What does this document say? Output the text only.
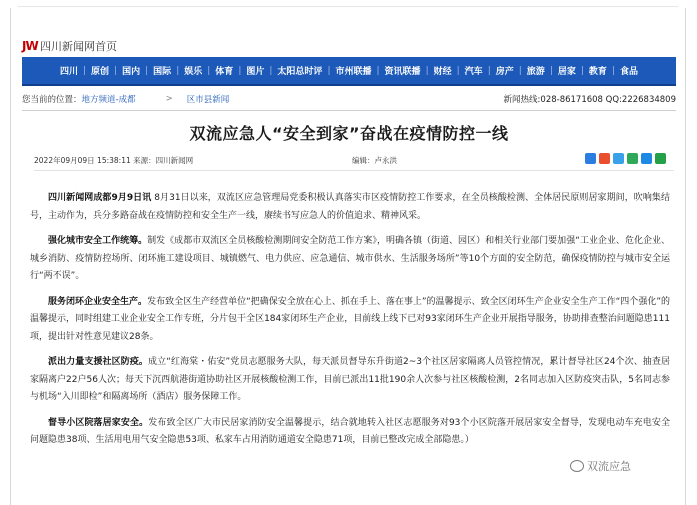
JW 四川新闻网首页
四川 | 原创 | 国内 | 国际 | 娱乐 | 体育 | 图片 | 太阳总时评 | 市州联播 | 资讯联播 | 财经 | 汽车 | 房产 | 旅游 | 居家 | 教育 | 食品
您当前的位置： 地方频道-成都	> 区市县新闻	新闻热线:028-86171608 QQ:2226834809
双流应急人“安全到家”奋战在疫情防控一线
2022年09月09日 15:38:11 来源：四川新闻网	编辑：卢永洪

四川新闻网成都9月9日讯 8月31日以来，双流区应急管理局党委积极认真落实市区疫情防控工作要求，在全员核酸检测、全体居民原则居家期间，吹响集结号，主动作为，兵分多路奋战在疫情防控和安全生产一线，赓续书写应急人的价值追求、精神风采。

强化城市安全工作统筹。制发《成都市双流区全员核酸检测期间安全防范工作方案》，明确各镇（街道、园区）和相关行业部门要加强“工业企业、危化企业、城乡消防、疫情防控场所、闭环施工建设项目、城镇燃气、电力供应、应急通信、城市供水、生活服务场所”等10个方面的安全防范，确保疫情防控与城市安全运行“两不误”。

服务闭环企业安全生产。发布致全区生产经营单位“把确保安全放在心上、抓在手上、落在事上”的温馨提示、致全区闭环生产企业安全生产工作“四个强化”的温馨提示，同时组建工业企业安全工作专班，分片包干全区184家闭环生产企业，目前线上线下已对93家闭环生产企业开展指导服务，协助排查整治问题隐患111项，提出针对性意见建议28条。

派出力量支援社区防疫。成立“红海棠・佑安”党员志愿服务大队，每天派员督导东升街道2~3个社区居家隔离人员管控情况，累计督导社区24个次、抽查居家隔离户22户56人次；每天下沉西航港街道协助社区开展核酸检测工作，目前已派出11批190余人次参与社区核酸检测，2名同志加入区防疫突击队，5名同志参与机场“入川即检”和隔离场所（酒店）服务保障工作。

督导小区院落居家安全。发布致全区广大市民居家消防安全温馨提示，结合就地转入社区志愿服务对93个小区院落开展居家安全督导，发现电动车充电安全问题隐患38项、生活用电用气安全隐患53项、私家车占用消防通道安全隐患71项，目前已整改完成全部隐患。）

双流应急
